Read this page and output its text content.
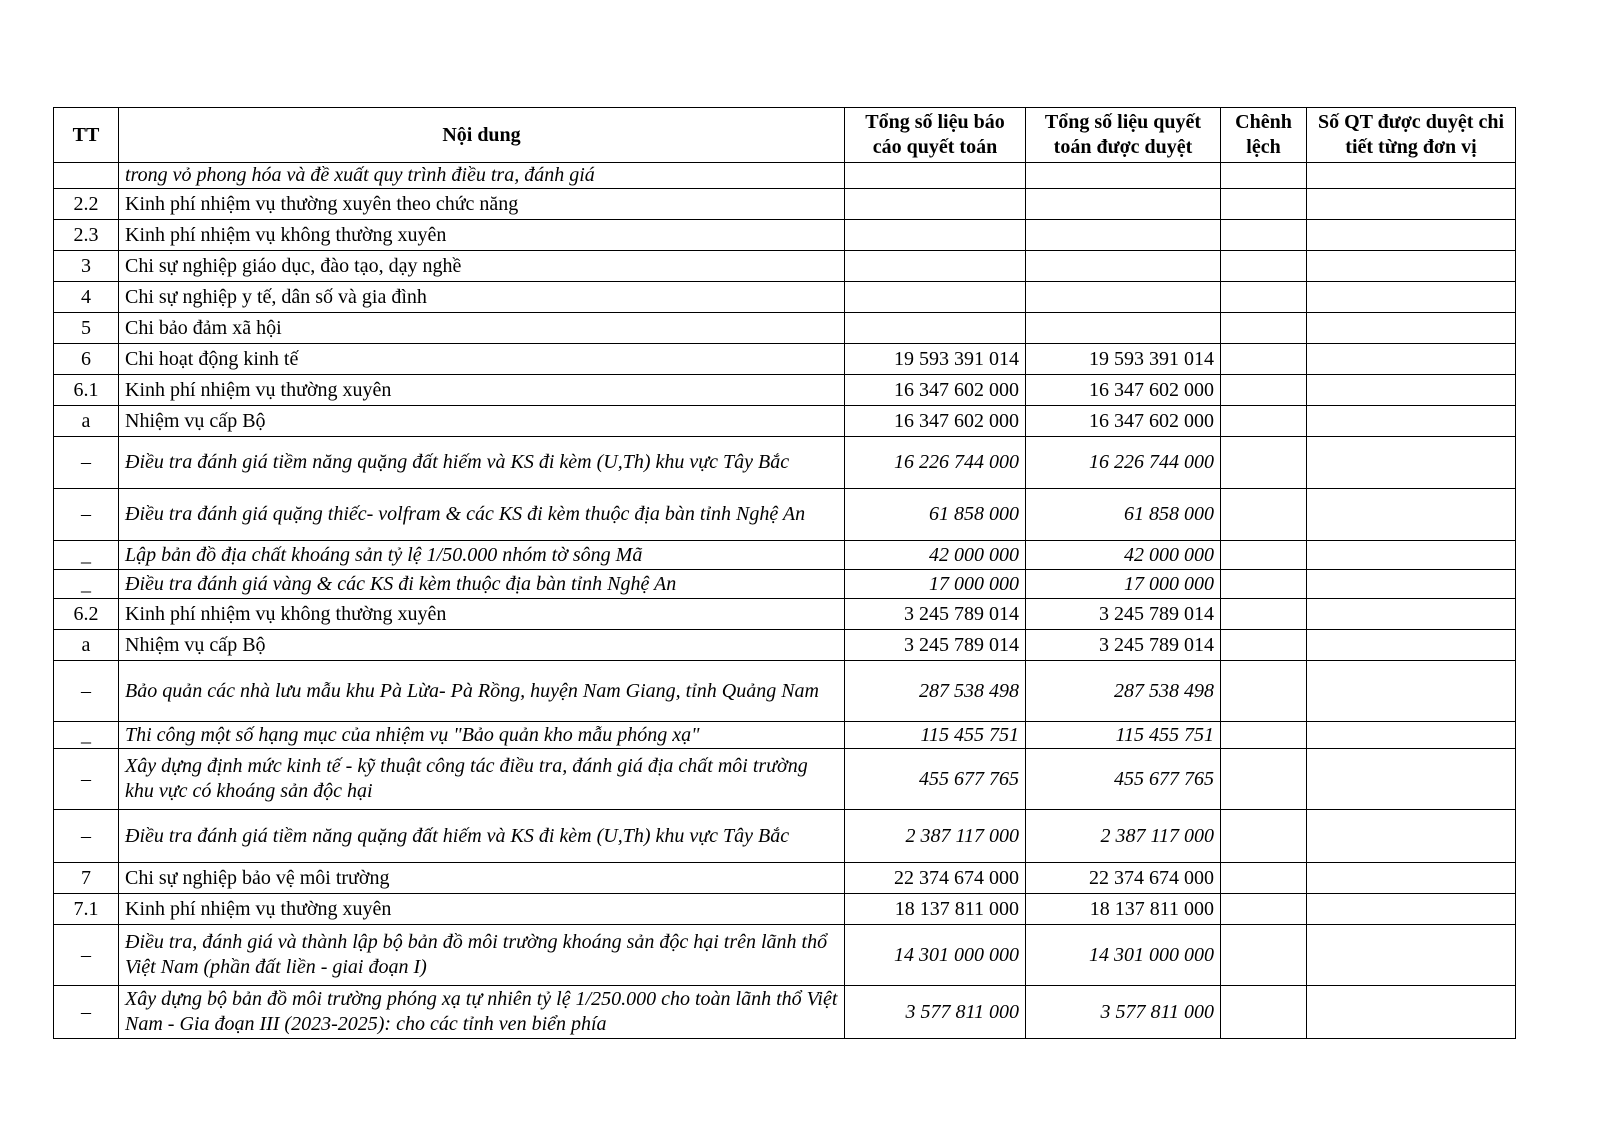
TT	Nội dung	Tổng số liệu báo cáo quyết toán	Tổng số liệu quyết toán được duyệt	Chênh lệch	Số QT được duyệt chi tiết từng đơn vị
	trong vỏ phong hóa và đề xuất quy trình điều tra, đánh giá				
2.2	Kinh phí nhiệm vụ thường xuyên theo chức năng				
2.3	Kinh phí nhiệm vụ không thường xuyên				
3	Chi sự nghiệp giáo dục, đào tạo, dạy nghề				
4	Chi sự nghiệp y tế, dân số và gia đình				
5	Chi bảo đảm xã hội				
6	Chi hoạt động kinh tế	19 593 391 014	19 593 391 014		
6.1	Kinh phí nhiệm vụ thường xuyên	16 347 602 000	16 347 602 000		
a	Nhiệm vụ cấp Bộ	16 347 602 000	16 347 602 000		
–	Điều tra đánh giá tiềm năng quặng đất hiếm và KS đi kèm (U,Th) khu vực Tây Bắc	16 226 744 000	16 226 744 000		
–	Điều tra đánh giá quặng thiếc- volfram & các KS đi kèm thuộc địa bàn tỉnh Nghệ An	61 858 000	61 858 000		
_	Lập bản đồ địa chất khoáng sản tỷ lệ 1/50.000 nhóm tờ sông Mã	42 000 000	42 000 000		
_	Điều tra đánh giá vàng & các KS đi kèm thuộc địa bàn tỉnh Nghệ An	17 000 000	17 000 000		
6.2	Kinh phí nhiệm vụ không thường xuyên	3 245 789 014	3 245 789 014		
a	Nhiệm vụ cấp Bộ	3 245 789 014	3 245 789 014		
–	Bảo quản các nhà lưu mẫu khu Pà Lừa- Pà Rồng, huyện Nam Giang, tỉnh Quảng Nam	287 538 498	287 538 498		
_	Thi công một số hạng mục của nhiệm vụ "Bảo quản kho mẫu phóng xạ"	115 455 751	115 455 751		
–	Xây dựng định mức kinh tế - kỹ thuật công tác điều tra, đánh giá địa chất môi trường khu vực có khoáng sản độc hại	455 677 765	455 677 765		
–	Điều tra đánh giá tiềm năng quặng đất hiếm và KS đi kèm (U,Th) khu vực Tây Bắc	2 387 117 000	2 387 117 000		
7	Chi sự nghiệp bảo vệ môi trường	22 374 674 000	22 374 674 000		
7.1	Kinh phí nhiệm vụ thường xuyên	18 137 811 000	18 137 811 000		
–	Điều tra, đánh giá và thành lập bộ bản đồ môi trường khoáng sản độc hại trên lãnh thổ Việt Nam (phần đất liền - giai đoạn I)	14 301 000 000	14 301 000 000		
–	Xây dựng bộ bản đồ môi trường phóng xạ tự nhiên tỷ lệ 1/250.000 cho toàn lãnh thổ Việt Nam - Gia đoạn III (2023-2025): cho các tỉnh ven biển phía	3 577 811 000	3 577 811 000		
